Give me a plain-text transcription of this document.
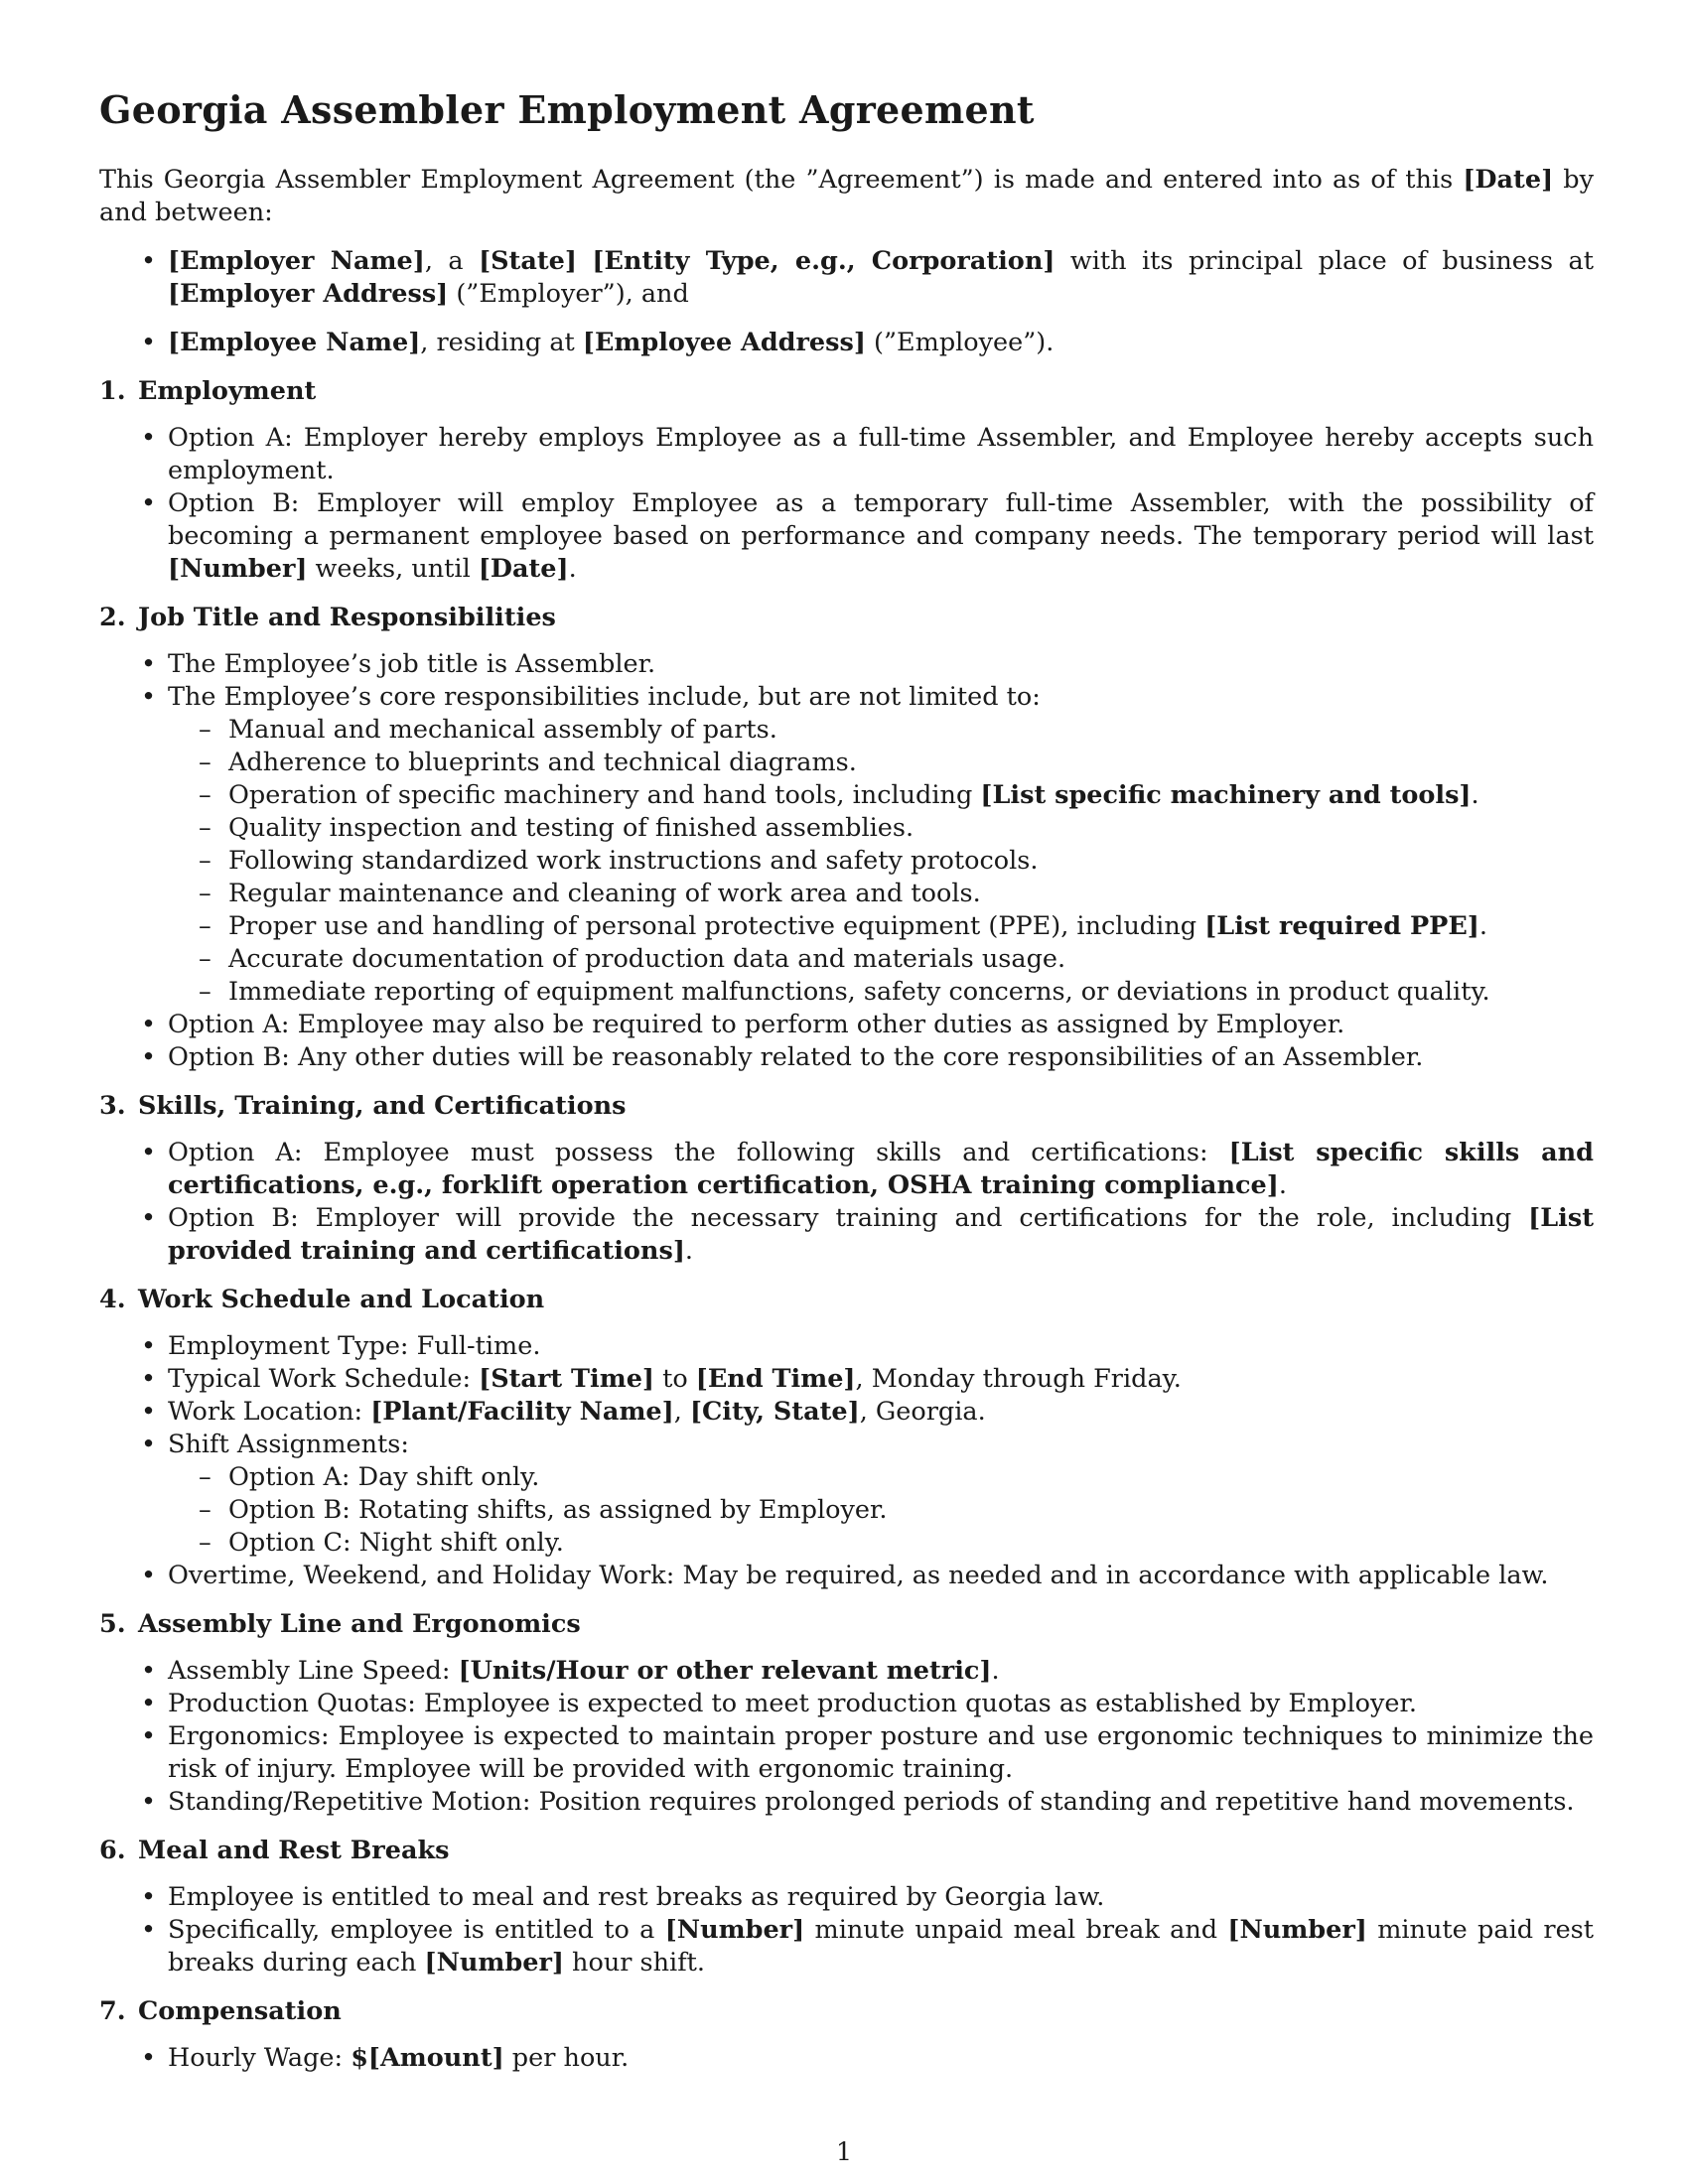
Georgia Assembler Employment Agreement

This Georgia Assembler Employment Agreement (the ”Agreement”) is made and entered into as of this [Date] by and between:

• [Employer Name], a [State] [Entity Type, e.g., Corporation] with its principal place of business at [Employer Address] (”Employer”), and
• [Employee Name], residing at [Employee Address] (”Employee”).
1. Employment
• Option A: Employer hereby employs Employee as a full-time Assembler, and Employee hereby accepts such employment.
• Option B: Employer will employ Employee as a temporary full-time Assembler, with the possibility of becoming a permanent employee based on performance and company needs. The temporary period will last [Number] weeks, until [Date].
2. Job Title and Responsibilities
• The Employee’s job title is Assembler.
• The Employee’s core responsibilities include, but are not limited to:
– Manual and mechanical assembly of parts.
– Adherence to blueprints and technical diagrams.
– Operation of specific machinery and hand tools, including [List specific machinery and tools].
– Quality inspection and testing of finished assemblies.
– Following standardized work instructions and safety protocols.
– Regular maintenance and cleaning of work area and tools.
– Proper use and handling of personal protective equipment (PPE), including [List required PPE].
– Accurate documentation of production data and materials usage.
– Immediate reporting of equipment malfunctions, safety concerns, or deviations in product quality.
• Option A: Employee may also be required to perform other duties as assigned by Employer.
• Option B: Any other duties will be reasonably related to the core responsibilities of an Assembler.
3. Skills, Training, and Certifications
• Option A: Employee must possess the following skills and certifications: [List specific skills and certifications, e.g., forklift operation certification, OSHA training compliance].
• Option B: Employer will provide the necessary training and certifications for the role, including [List provided training and certifications].
4. Work Schedule and Location
• Employment Type: Full-time.
• Typical Work Schedule: [Start Time] to [End Time], Monday through Friday.
• Work Location: [Plant/Facility Name], [City, State], Georgia.
• Shift Assignments:
– Option A: Day shift only.
– Option B: Rotating shifts, as assigned by Employer.
– Option C: Night shift only.
• Overtime, Weekend, and Holiday Work: May be required, as needed and in accordance with applicable law.
5. Assembly Line and Ergonomics
• Assembly Line Speed: [Units/Hour or other relevant metric].
• Production Quotas: Employee is expected to meet production quotas as established by Employer.
• Ergonomics: Employee is expected to maintain proper posture and use ergonomic techniques to minimize the risk of injury. Employee will be provided with ergonomic training.
• Standing/Repetitive Motion: Position requires prolonged periods of standing and repetitive hand movements.
6. Meal and Rest Breaks
• Employee is entitled to meal and rest breaks as required by Georgia law.
• Specifically, employee is entitled to a [Number] minute unpaid meal break and [Number] minute paid rest breaks during each [Number] hour shift.
7. Compensation
• Hourly Wage: $[Amount] per hour.
1
